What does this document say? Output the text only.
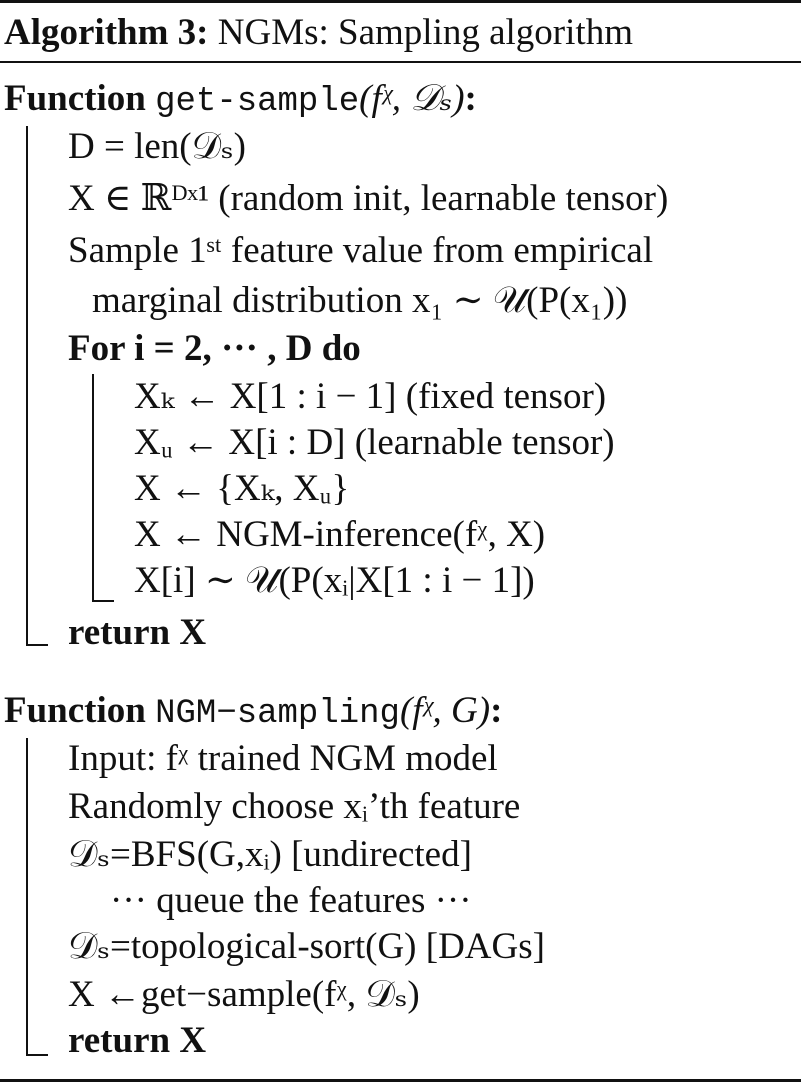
Algorithm 3: NGMs: Sampling algorithm
Function get-sample(fᵡ, 𝒟ₛ):
D = len(𝒟ₛ)
X ∈ ℝᴰˣ¹ (random init, learnable tensor)
Sample 1ˢᵗ feature value from empirical
marginal distribution x₁ ∼ 𝒰(P(x₁))
For i = 2, ··· , D do
Xₖ ← X[1 : i − 1] (fixed tensor)
Xᵤ ← X[i : D] (learnable tensor)
X ← {Xₖ, Xᵤ}
X ← NGM-inference(fᵡ, X)
X[i] ∼ 𝒰(P(xᵢ|X[1 : i − 1])
return X
Function NGM−sampling(fᵡ, G):
Input: fᵡ trained NGM model
Randomly choose xᵢ’th feature
𝒟ₛ=BFS(G,xᵢ) [undirected]
··· queue the features ···
𝒟ₛ=topological-sort(G) [DAGs]
X ←get−sample(fᵡ, 𝒟ₛ)
return X
